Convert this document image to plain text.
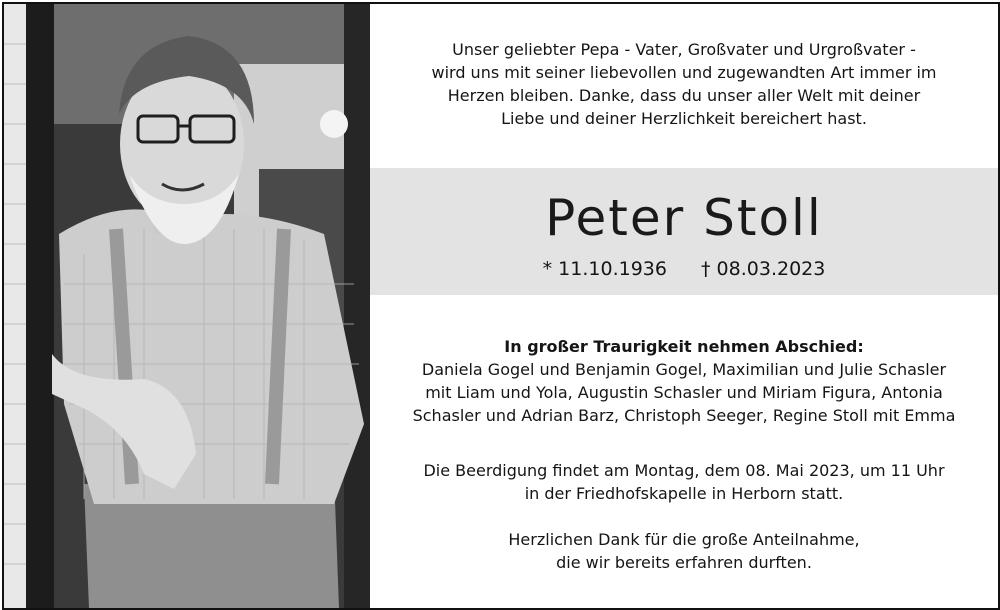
Unser geliebter Pepa - Vater, Großvater und Urgroßvater -
wird uns mit seiner liebevollen und zugewandten Art immer im
Herzen bleiben. Danke, dass du unser aller Welt mit deiner
Liebe und deiner Herzlichkeit bereichert hast.
Peter Stoll
* 11.10.1936 † 08.03.2023
In großer Traurigkeit nehmen Abschied:
Daniela Gogel und Benjamin Gogel, Maximilian und Julie Schasler
mit Liam und Yola, Augustin Schasler und Miriam Figura, Antonia
Schasler und Adrian Barz, Christoph Seeger, Regine Stoll mit Emma
Die Beerdigung findet am Montag, dem 08. Mai 2023, um 11 Uhr
in der Friedhofskapelle in Herborn statt.
Herzlichen Dank für die große Anteilnahme,
die wir bereits erfahren durften.
